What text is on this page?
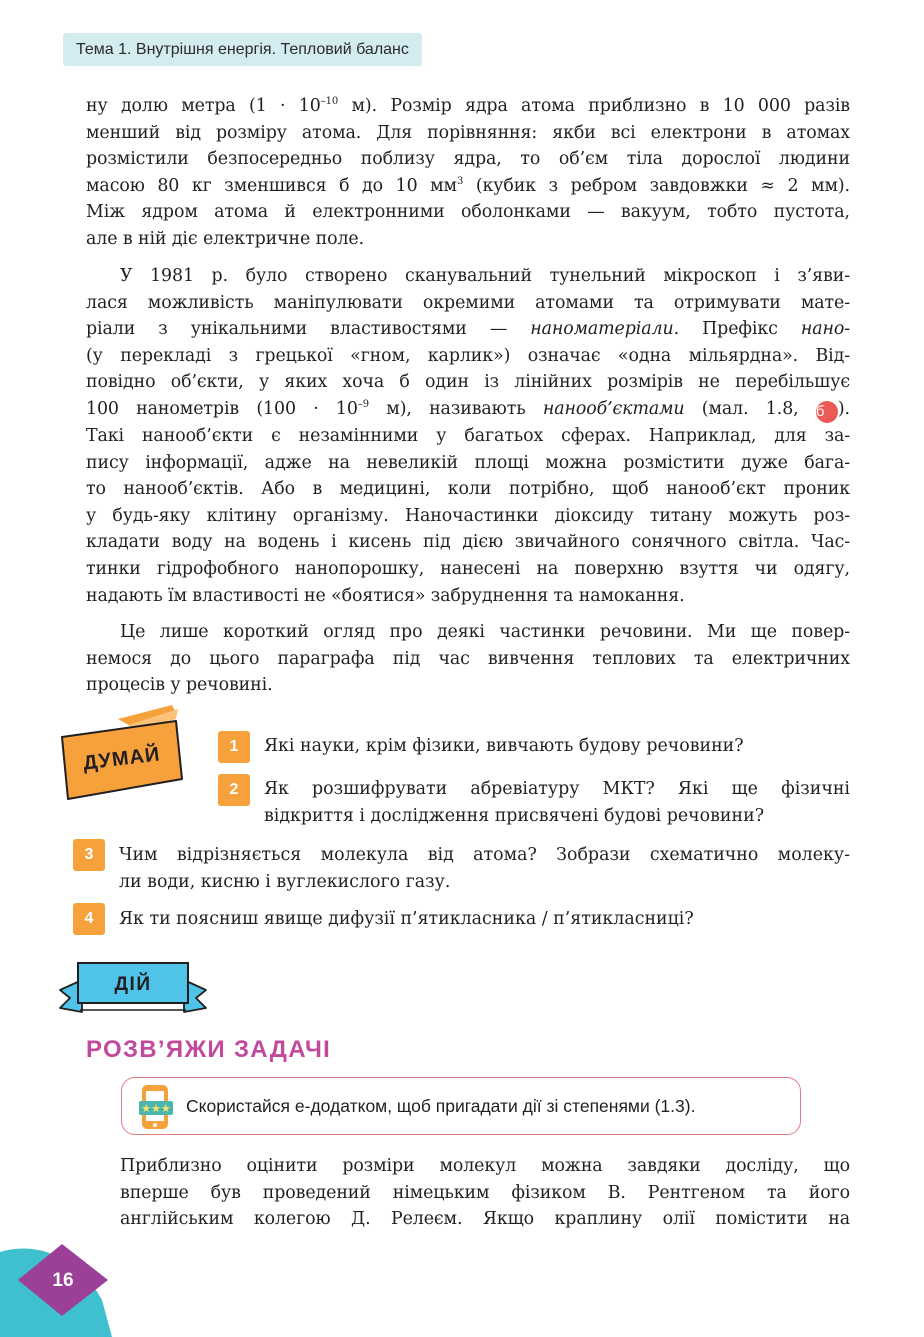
Тема 1. Внутрішня енергія. Тепловий баланс

ну долю метра ($1 \cdot 10^{-10}$ м). Розмір ядра атома приблизно в 10 000 разів
менший від розміру атома. Для порівняння: якби всі електрони в атомах
розмістили безпосередньо поблизу ядра, то об’єм тіла дорослої людини
масою 80 кг зменшився б до 10 $мм^3$ (кубик з ребром завдовжки ≈ 2 мм).
Між ядром атома й електронними оболонками — вакуум, тобто пустота,
але в ній діє електричне поле.

У 1981 р. було створено сканувальний тунельний мікроскоп і з’яви-
лася можливість маніпулювати окремими атомами та отримувати мате-
ріали з унікальними властивостями — наноматеріали. Префікс нано-
(у перекладі з грецької «гном, карлик») означає «одна мільярдна». Від-
повідно об’єкти, у яких хоча б один із лінійних розмірів не перебільшує
100 нанометрів ($100 \cdot 10^{-9}$ м), називають нанооб’єктами (мал. 1.8, б ).
Такі нанооб’єкти є незамінними у багатьох сферах. Наприклад, для за-
пису інформації, адже на невеликій площі можна розмістити дуже бага-
то нанооб’єктів. Або в медицині, коли потрібно, щоб нанооб’єкт проник
у будь-яку клітину організму. Наночастинки діоксиду титану можуть роз-
кладати воду на водень і кисень під дією звичайного сонячного світла. Час-
тинки гідрофобного нанопорошку, нанесені на поверхню взуття чи одягу,
надають їм властивості не «боятися» забруднення та намокання.

Це лише короткий огляд про деякі частинки речовини. Ми ще повер-
немося до цього параграфа під час вивчення теплових та електричних
процесів у речовині.

ДУМАЙ	1	Які науки, крім фізики, вивчають будову речовини?

2	Як розшифрувати абревіатуру МКТ? Які ще фізичні
відкриття і дослідження присвячені будові речовини?

3	Чим відрізняється молекула від атома? Зобрази схематично молеку-
ли води, кисню і вуглекислого газу.

4	Як ти поясниш явище дифузії п’ятикласника / п’ятикласниці?

ДІЙ
РОЗВ’ЯЖИ ЗАДАЧІ
★★★ Скористайся е-додатком, щоб пригадати дії зі степенями (1.3).

Приблизно оцінити розміри молекул можна завдяки досліду, що
вперше був проведений німецьким фізиком В. Рентгеном та його
англійським колегою Д. Релеєм. Якщо краплину олії помістити на

16
